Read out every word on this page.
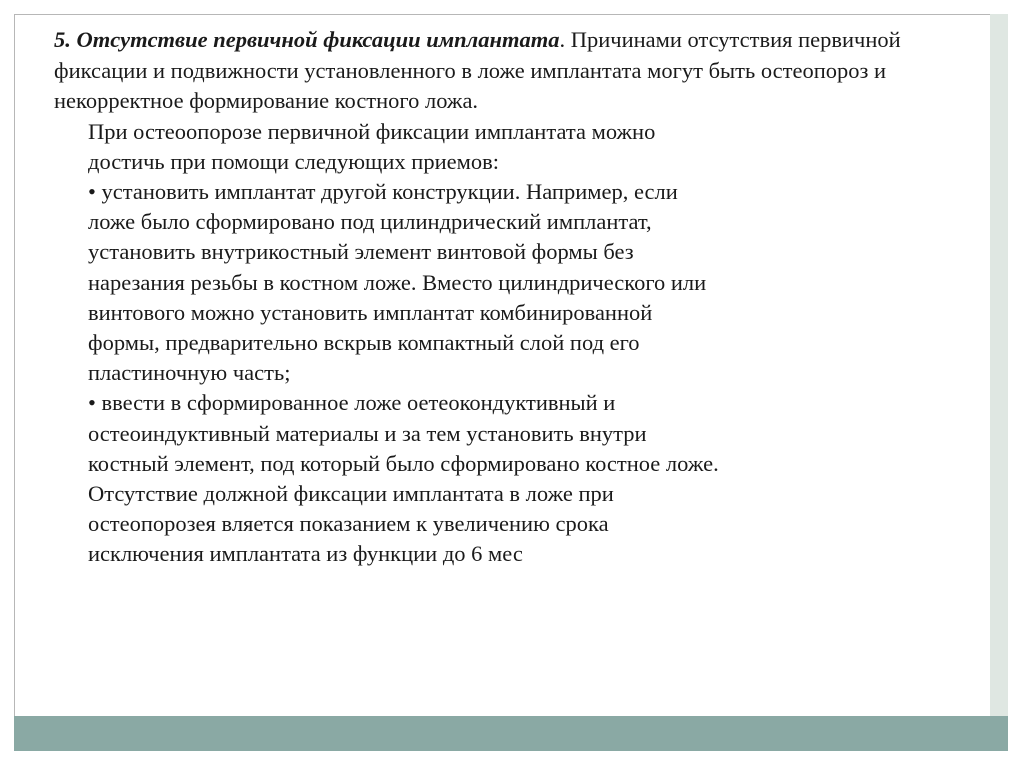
5. Отсутствие первичной фиксации имплантата. Причинами отсутствия первичной фиксации и подвижности установленного в ложе имплантата могут быть остеопороз и некорректное формирование костного ложа.

При остеоопорозе первичной фиксации имплантата можно
достичь при помощи следующих приемов:
• установить имплантат другой конструкции. Например, если
ложе было сформировано под цилиндрический имплантат,
установить внутрикостный элемент винтовой формы без
нарезания резьбы в костном ложе. Вместо цилиндрического или
винтового можно установить имплантат комбинированной
формы, предварительно вскрыв компактный слой под его
пластиночную часть;
• ввести в сформированное ложе оетеокондуктивный и
остеоиндуктивный материалы и за тем установить внутри
костный элемент, под который было сформировано костное ложе.
Отсутствие должной фиксации имплантата в ложе при
остеопорозея вляется показанием к увеличению срока
исключения имплантата из функции до 6 мес
